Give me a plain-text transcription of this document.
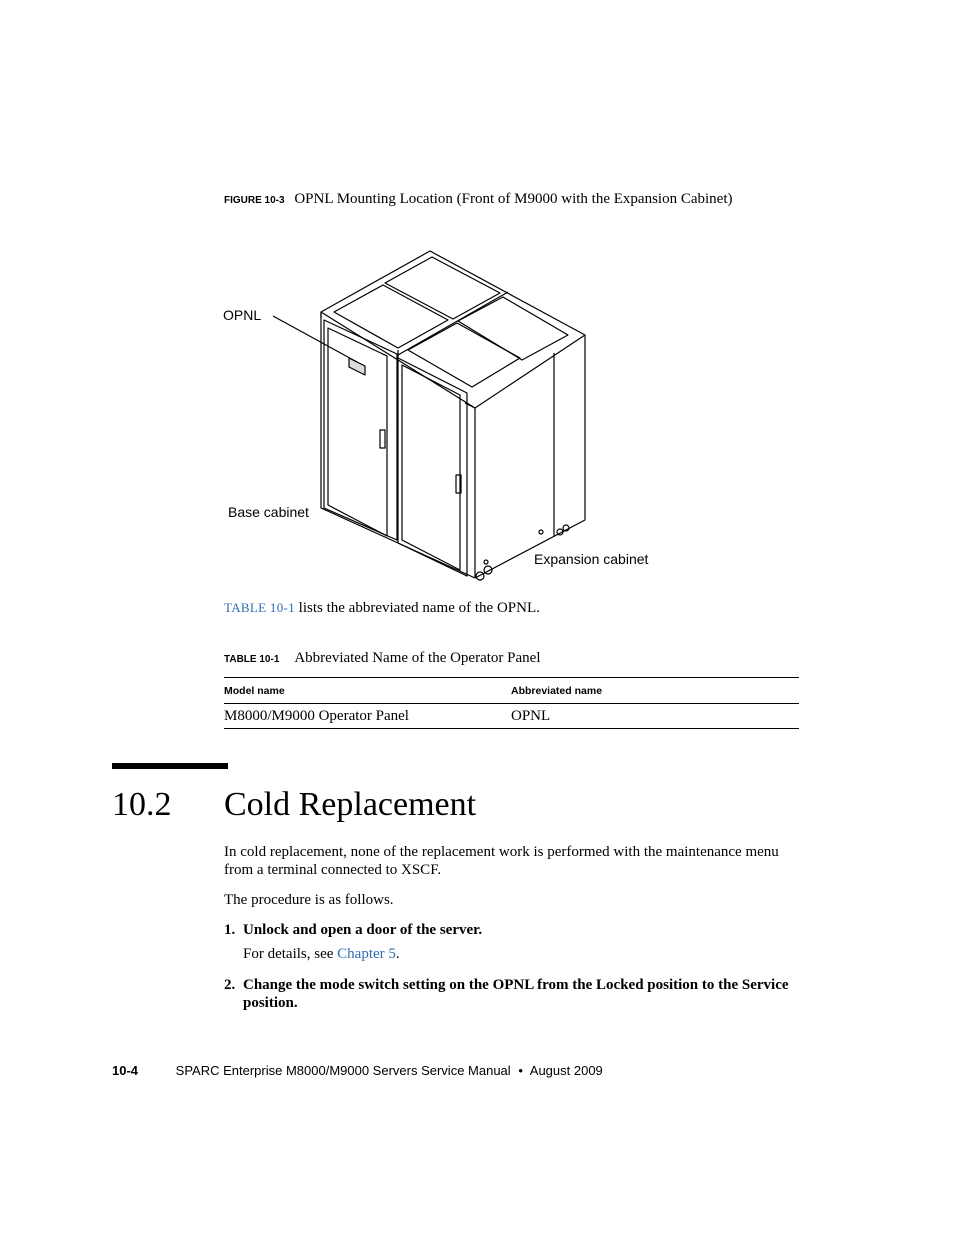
FIGURE 10-3 OPNL Mounting Location (Front of M9000 with the Expansion Cabinet)
OPNL
Base cabinet
Expansion cabinet
TABLE 10-1 lists the abbreviated name of the OPNL.
TABLE 10-1 Abbreviated Name of the Operator Panel
Model name	Abbreviated name
M8000/M9000 Operator Panel	OPNL
10.2 Cold Replacement
In cold replacement, none of the replacement work is performed with the maintenance menu from a terminal connected to XSCF.
The procedure is as follows.
1. Unlock and open a door of the server.
For details, see Chapter 5.
2. Change the mode switch setting on the OPNL from the Locked position to the Service position.
10-4	SPARC Enterprise M8000/M9000 Servers Service Manual • August 2009
